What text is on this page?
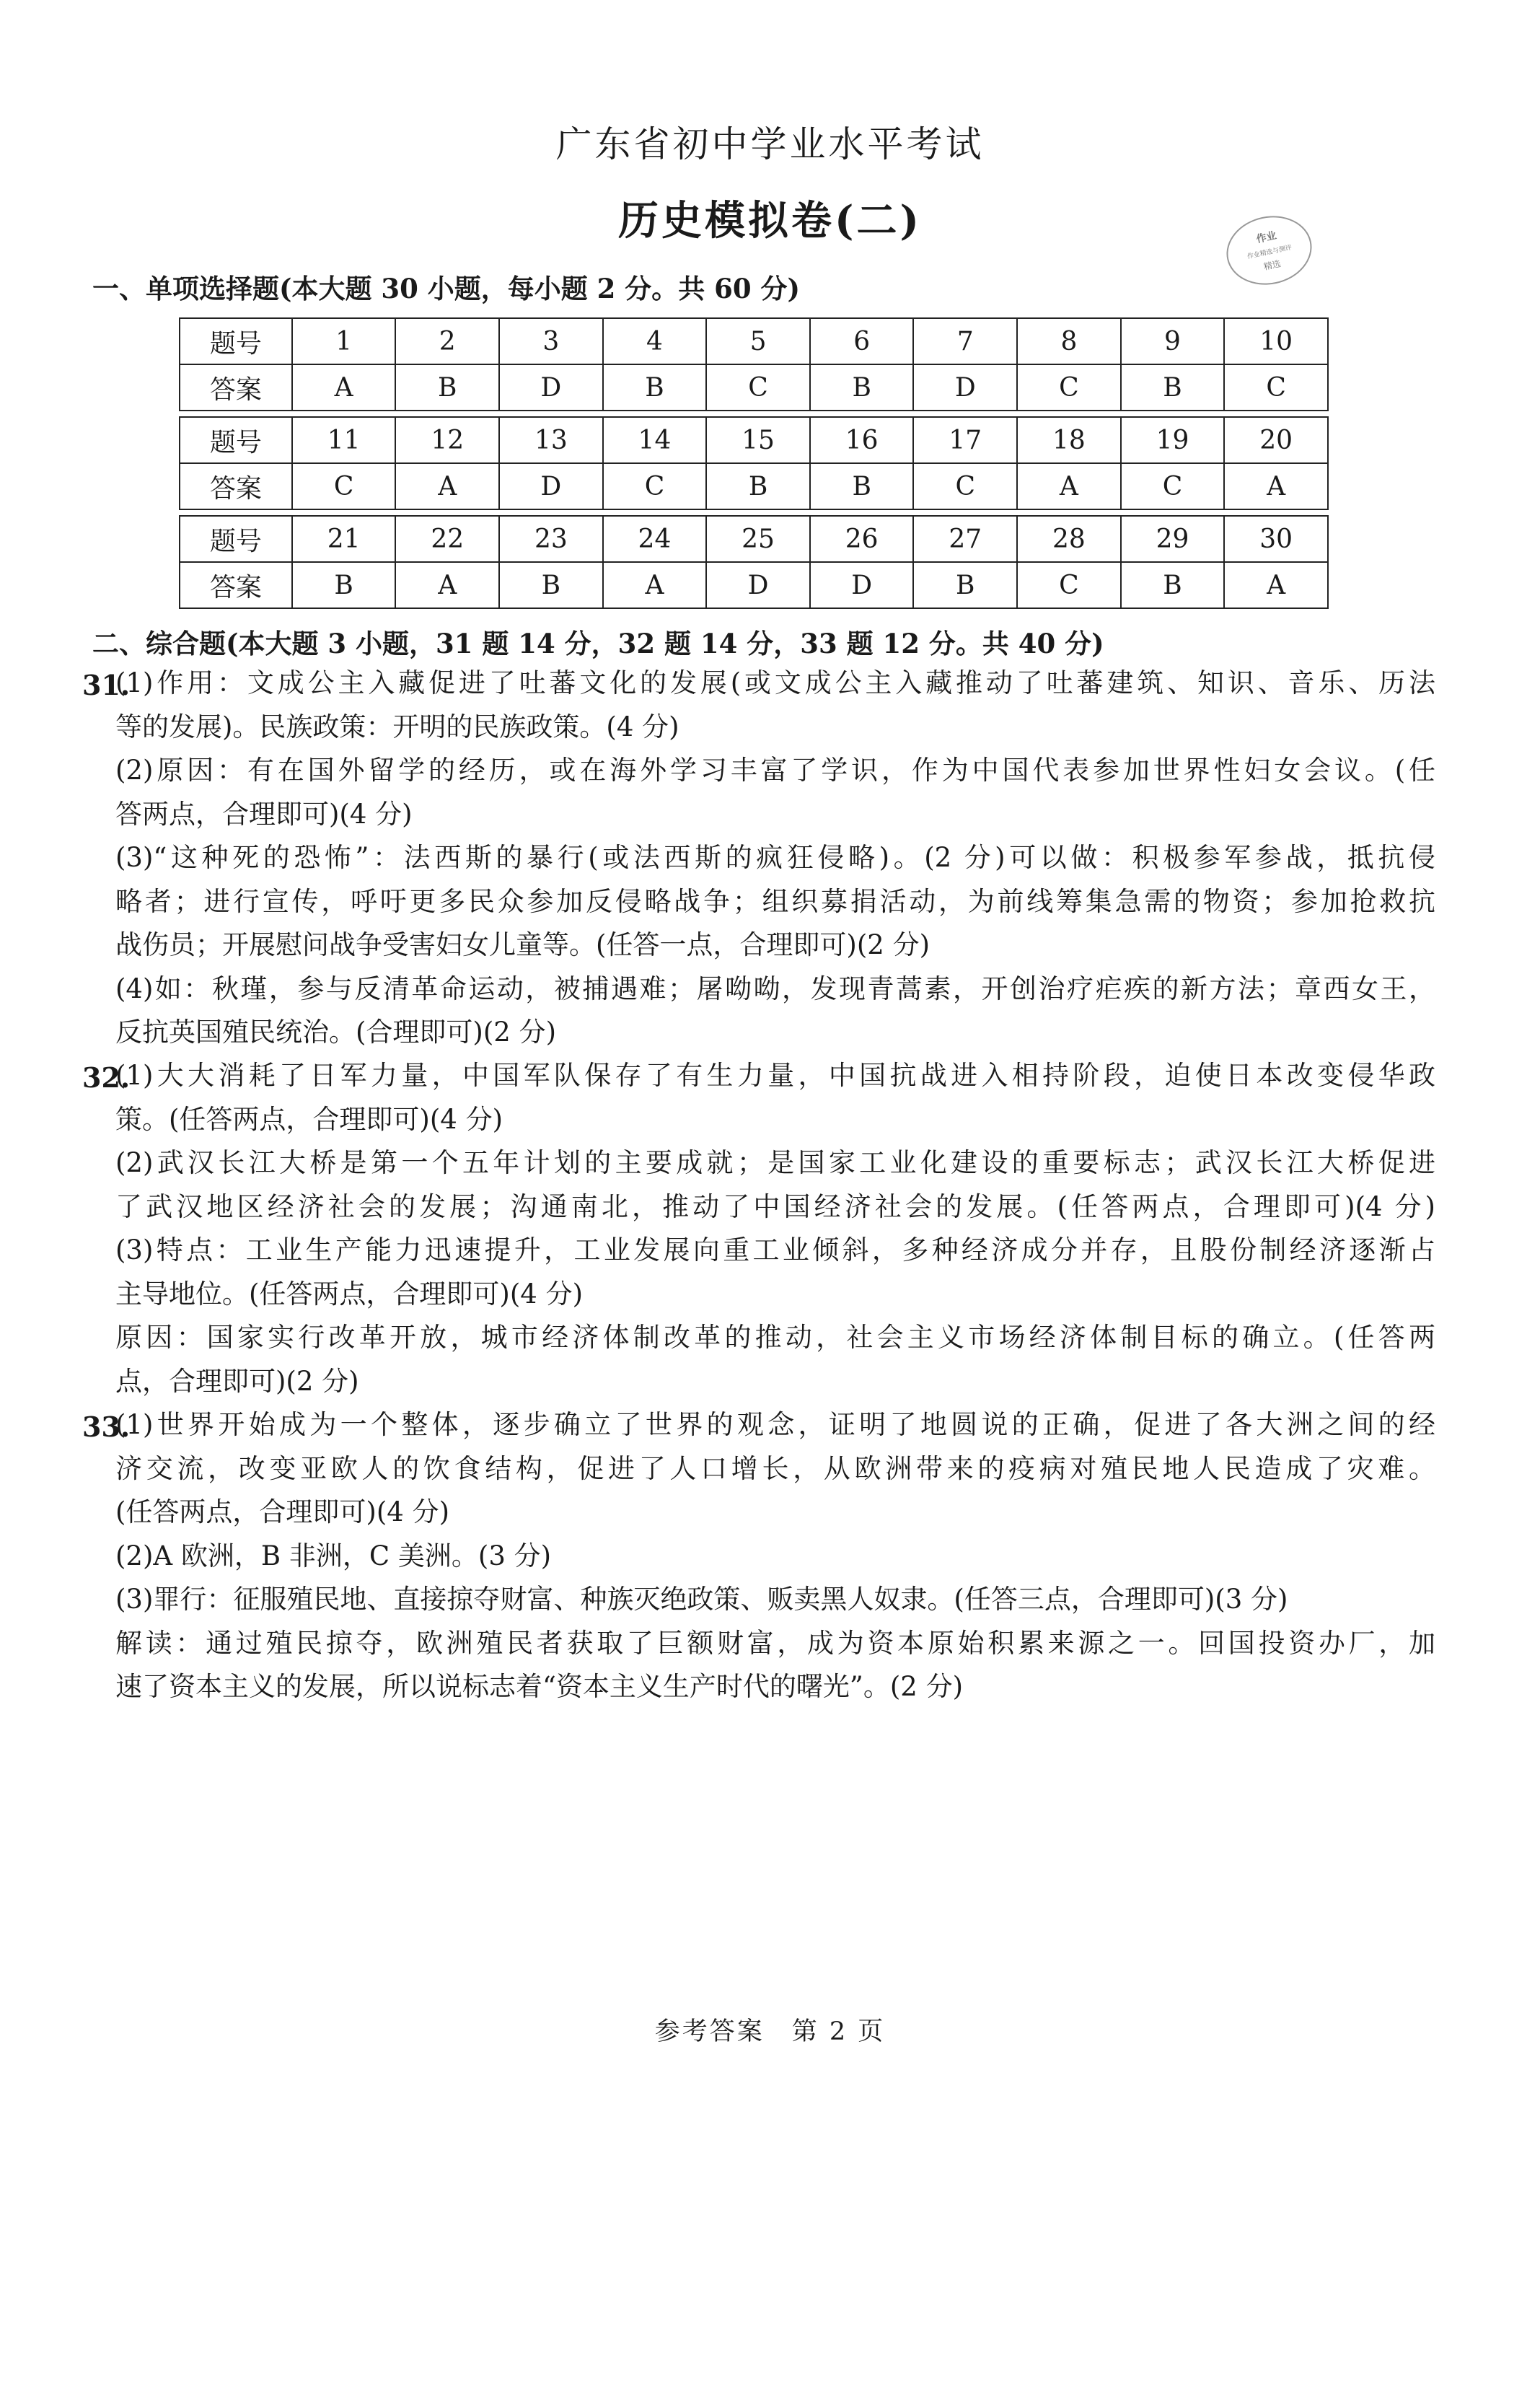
广东省初中学业水平考试
历史模拟卷(二)	作业
作业精选与测评
精选
一、单项选择题(本大题 30 小题，每小题 2 分。共 60 分)
题号	1	2	3	4	5	6	7	8	9	10
答案	A	B	D	B	C	B	D	C	B	C

题号	11	12	13	14	15	16	17	18	19	20
答案	C	A	D	C	B	B	C	A	C	A

题号	21	22	23	24	25	26	27	28	29	30
答案	B	A	B	A	D	D	B	C	B	A
二、综合题(本大题 3 小题，31 题 14 分，32 题 14 分，33 题 12 分。共 40 分)
31.
(1)作用：文成公主入藏促进了吐蕃文化的发展(或文成公主入藏推动了吐蕃建筑、知识、音乐、历法
等的发展)。民族政策：开明的民族政策。(4 分)
(2)原因：有在国外留学的经历，或在海外学习丰富了学识，作为中国代表参加世界性妇女会议。(任
答两点，合理即可)(4 分)
(3)“这种死的恐怖”：法西斯的暴行(或法西斯的疯狂侵略)。(2 分)可以做：积极参军参战，抵抗侵
略者；进行宣传，呼吁更多民众参加反侵略战争；组织募捐活动，为前线筹集急需的物资；参加抢救抗
战伤员；开展慰问战争受害妇女儿童等。(任答一点，合理即可)(2 分)
(4)如：秋瑾，参与反清革命运动，被捕遇难；屠呦呦，发现青蒿素，开创治疗疟疾的新方法；章西女王，
反抗英国殖民统治。(合理即可)(2 分)
32.
(1)大大消耗了日军力量，中国军队保存了有生力量，中国抗战进入相持阶段，迫使日本改变侵华政
策。(任答两点，合理即可)(4 分)
(2)武汉长江大桥是第一个五年计划的主要成就；是国家工业化建设的重要标志；武汉长江大桥促进
了武汉地区经济社会的发展；沟通南北，推动了中国经济社会的发展。(任答两点，合理即可)(4 分)
(3)特点：工业生产能力迅速提升，工业发展向重工业倾斜，多种经济成分并存，且股份制经济逐渐占
主导地位。(任答两点，合理即可)(4 分)
原因：国家实行改革开放，城市经济体制改革的推动，社会主义市场经济体制目标的确立。(任答两
点，合理即可)(2 分)
33.
(1)世界开始成为一个整体，逐步确立了世界的观念，证明了地圆说的正确，促进了各大洲之间的经
济交流，改变亚欧人的饮食结构，促进了人口增长，从欧洲带来的疫病对殖民地人民造成了灾难。
(任答两点，合理即可)(4 分)
(2)A 欧洲，B 非洲，C 美洲。(3 分)
(3)罪行：征服殖民地、直接掠夺财富、种族灭绝政策、贩卖黑人奴隶。(任答三点，合理即可)(3 分)
解读：通过殖民掠夺，欧洲殖民者获取了巨额财富，成为资本原始积累来源之一。回国投资办厂，加
速了资本主义的发展，所以说标志着“资本主义生产时代的曙光”。(2 分)
参考答案　第 2 页
